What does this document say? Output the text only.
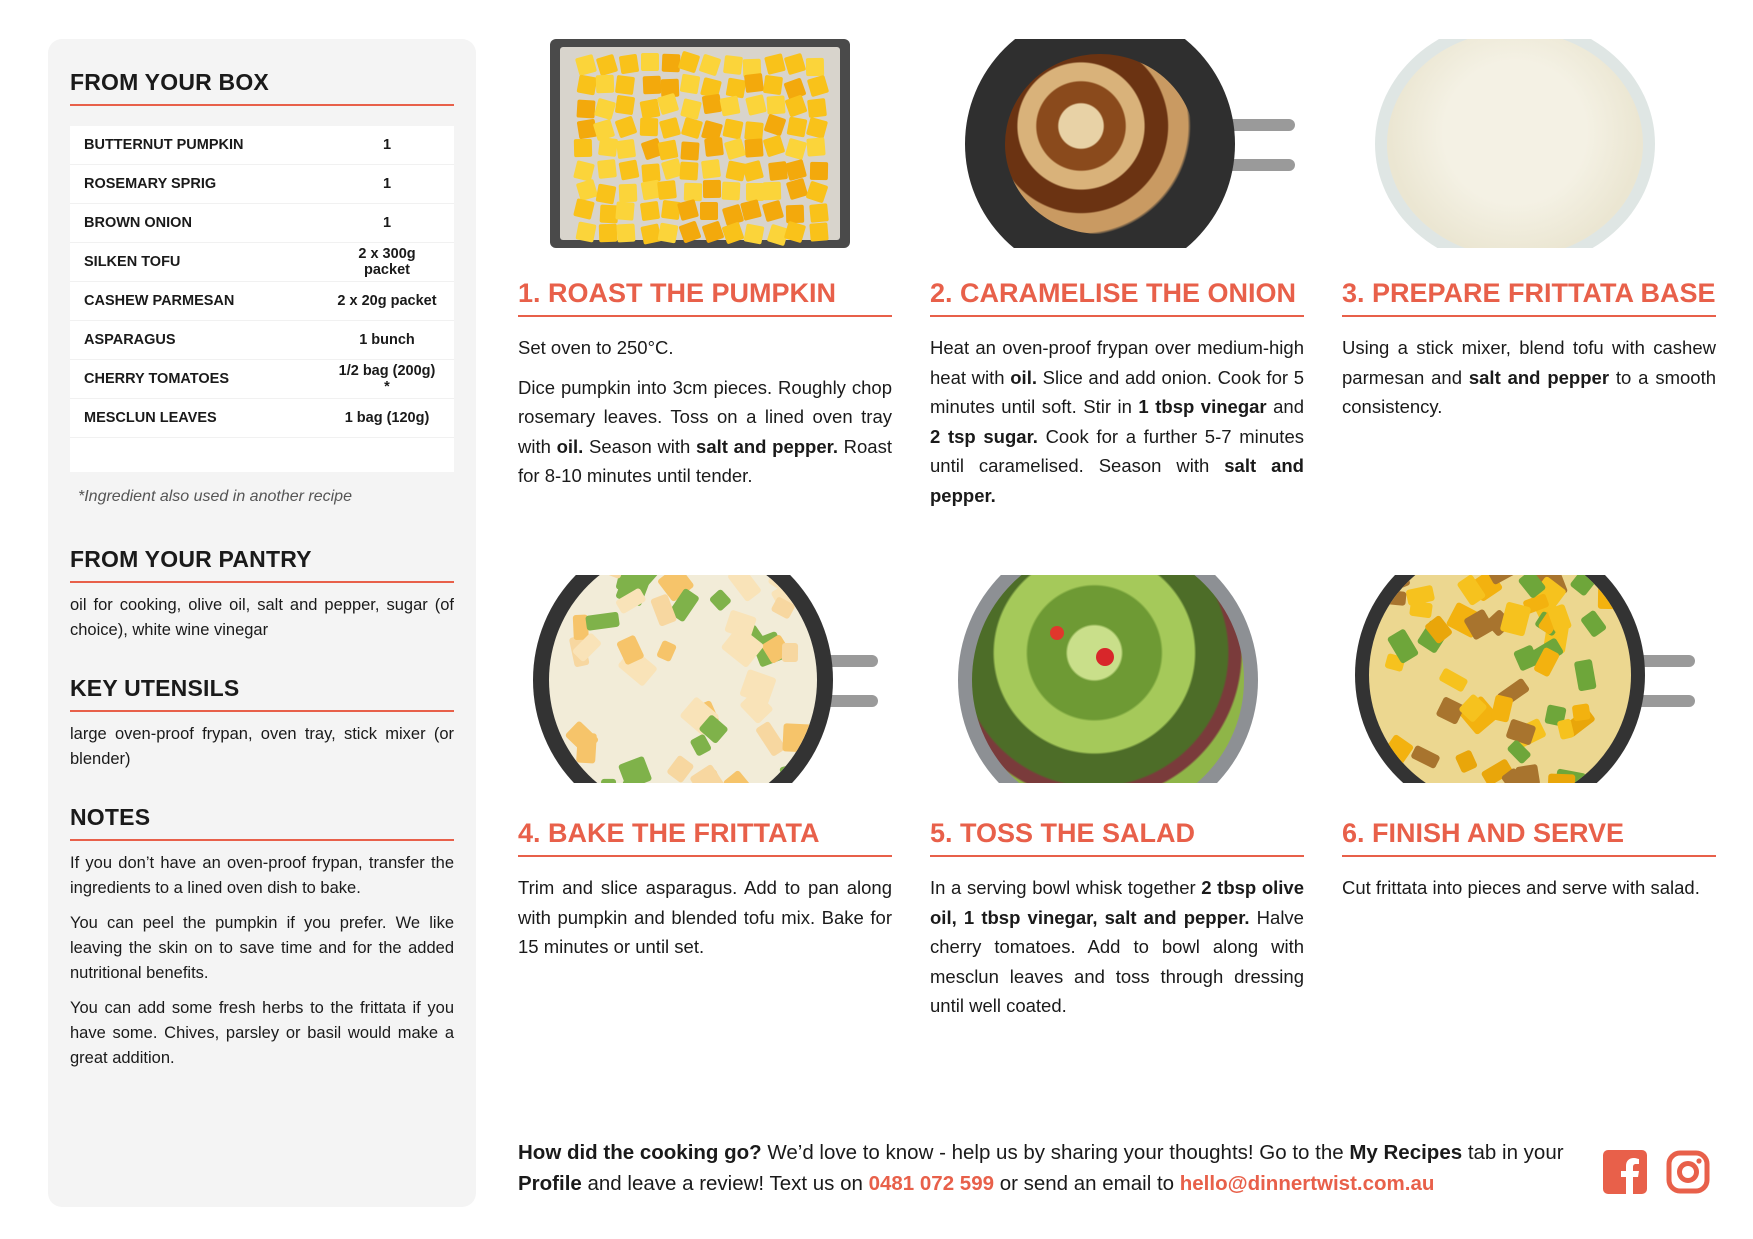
FROM YOUR BOX
BUTTERNUT PUMPKIN	1
ROSEMARY SPRIG	1
BROWN ONION	1
SILKEN TOFU	2 x 300g packet
CASHEW PARMESAN	2 x 20g packet
ASPARAGUS	1 bunch
CHERRY TOMATOES	1/2 bag (200g) *
MESCLUN LEAVES	1 bag (120g)
*Ingredient also used in another recipe
FROM YOUR PANTRY
oil for cooking, olive oil, salt and pepper, sugar (of choice), white wine vinegar
KEY UTENSILS
large oven-proof frypan, oven tray, stick mixer (or blender)
NOTES

If you don’t have an oven-proof frypan, transfer the ingredients to a lined oven dish to bake.

You can peel the pumpkin if you prefer. We like leaving the skin on to save time and for the added nutritional benefits.

You can add some fresh herbs to the frittata if you have some. Chives, parsley or basil would make a great addition.

1. ROAST THE PUMPKIN

Set oven to 250°C.

Dice pumpkin into 3cm pieces. Roughly chop rosemary leaves. Toss on a lined oven tray with oil. Season with salt and pepper. Roast for 8-10 minutes until tender.

2. CARAMELISE THE ONION

Heat an oven-proof frypan over medium-high heat with oil. Slice and add onion. Cook for 5 minutes until soft. Stir in 1 tbsp vinegar and 2 tsp sugar. Cook for a further 5-7 minutes until caramelised. Season with salt and pepper.

3. PREPARE FRITTATA BASE

Using a stick mixer, blend tofu with cashew parmesan and salt and pepper to a smooth consistency.

4. BAKE THE FRITTATA

Trim and slice asparagus. Add to pan along with pumpkin and blended tofu mix. Bake for 15 minutes or until set.

5. TOSS THE SALAD

In a serving bowl whisk together 2 tbsp olive oil, 1 tbsp vinegar, salt and pepper. Halve cherry tomatoes. Add to bowl along with mesclun leaves and toss through dressing until well coated.

6. FINISH AND SERVE

Cut frittata into pieces and serve with salad.

How did the cooking go? We’d love to know - help us by sharing your thoughts! Go to the My Recipes tab in your Profile and leave a review! Text us on 0481 072 599 or send an email to hello@dinnertwist.com.au
